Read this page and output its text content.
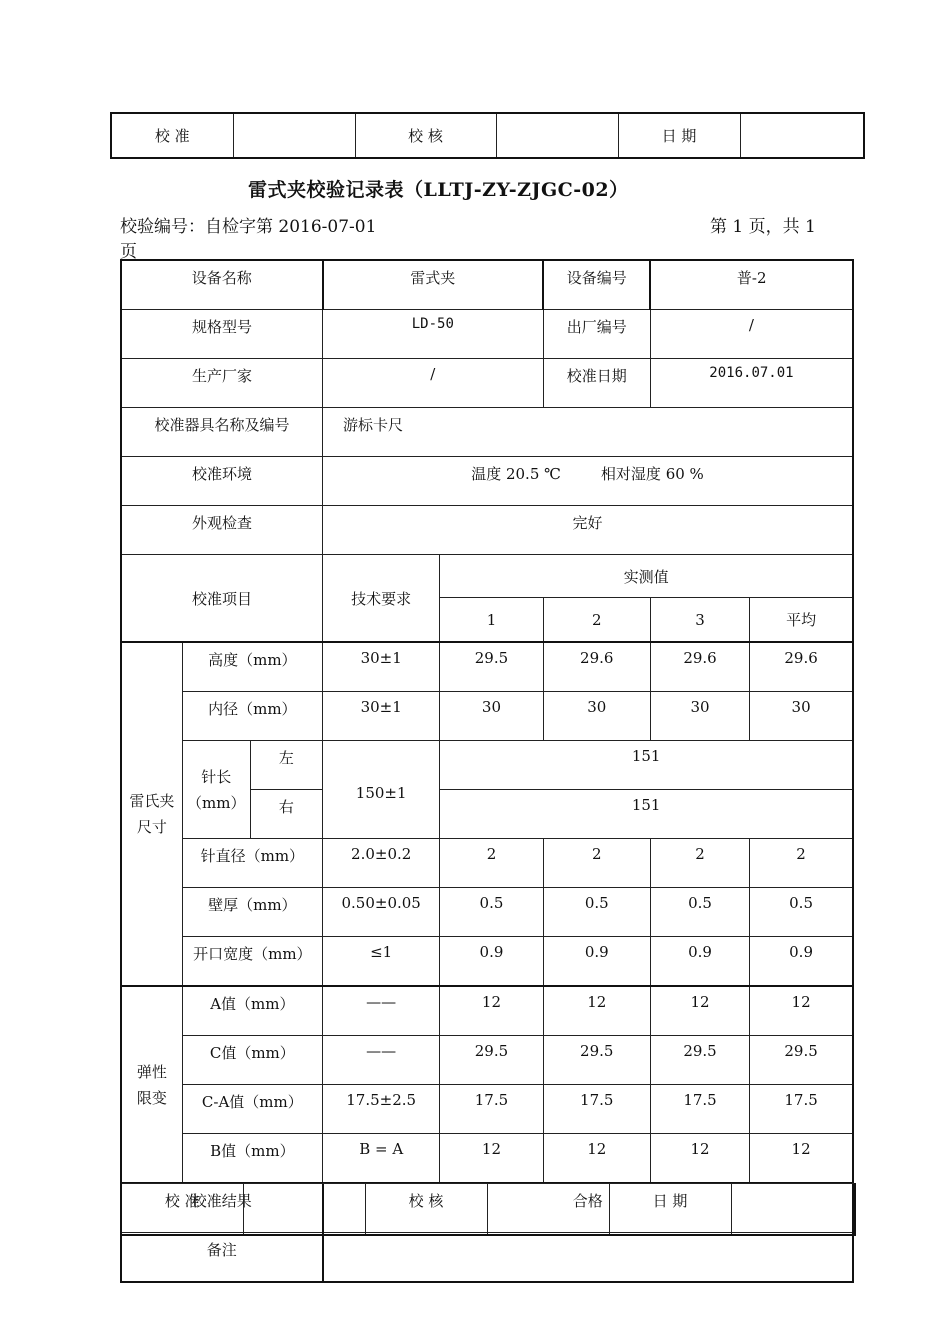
校 准		校 核		日 期	
雷式夹校验记录表（LLTJ-ZY-ZJGC-02）
校验编号：自检字第 2016-07-01	第 1 页，共 1
页
设备名称			雷式夹		设备编号	普-2	
规格型号			LD-50		出厂编号	/	
生产厂家			/		校准日期	2016.07.01	
校准器具名称及编号			游标卡尺				
校准环境			温度 20.5 ℃ 相对湿度 60 %				
外观检查			完好				
校准项目			技术要求	实测值			
				1	2	3	平均
雷氏夹尺寸	高度（mm）		30±1	29.5	29.6	29.6	29.6
	内径（mm）		30±1	30	30	30	30
	针长（mm）	左	150±1	151			
		右		151			
	针直径（mm）		2.0±0.2	2	2	2	2
	壁厚（mm）		0.50±0.05	0.5	0.5	0.5	0.5
	开口宽度（mm）		≤1	0.9	0.9	0.9	0.9
弹性限变	A值（mm）		——	12	12	12	12
	C值（mm）		——	29.5	29.5	29.5	29.5
	C-A值（mm）		17.5±2.5	17.5	17.5	17.5	17.5
	B值（mm）		B = A	12	12	12	12
校准结果			合格				
备注							
校 准		校 核		日 期	
